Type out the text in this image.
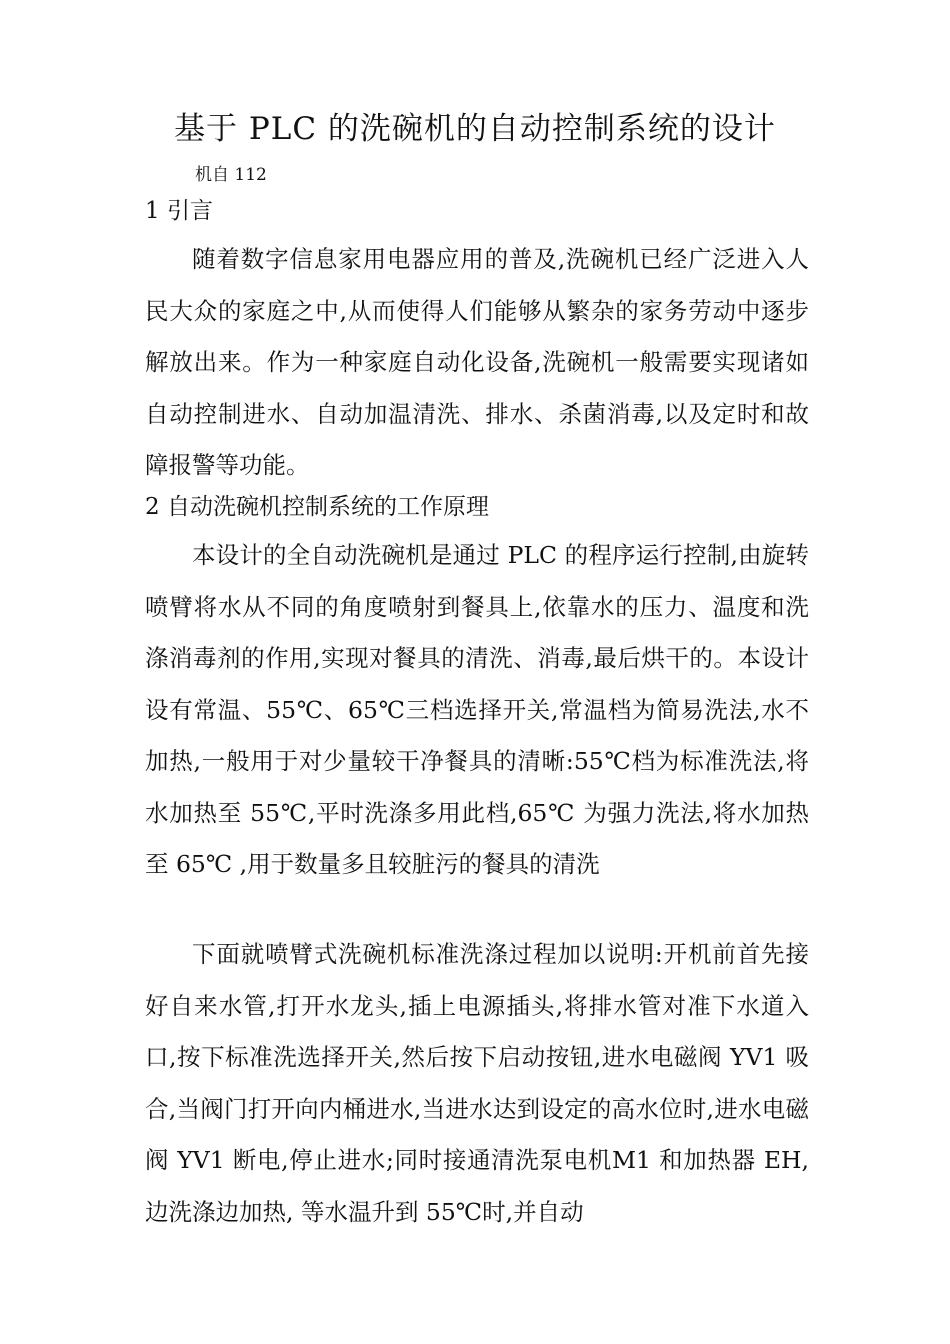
基于 PLC 的洗碗机的自动控制系统的设计
机自 112
1 引言

随着数字信息家用电器应用的普及,洗碗机已经广泛进入人民大众的家庭之中,从而使得人们能够从繁杂的家务劳动中逐步解放出来。作为一种家庭自动化设备,洗碗机一般需要实现诸如自动控制进水、自动加温清洗、排水、杀菌消毒,以及定时和故障报警等功能。

2 自动洗碗机控制系统的工作原理

本设计的全自动洗碗机是通过 PLC 的程序运行控制,由旋转喷臂将水从不同的角度喷射到餐具上,依靠水的压力、温度和洗涤消毒剂的作用,实现对餐具的清洗、消毒,最后烘干的。本设计设有常温、55℃、65℃三档选择开关,常温档为简易洗法,水不加热,一般用于对少量较干净餐具的清晰:55℃档为标准洗法,将水加热至 55℃,平时洗涤多用此档,65℃ 为强力洗法,将水加热至 65℃ ,用于数量多且较脏污的餐具的清洗

下面就喷臂式洗碗机标准洗涤过程加以说明:开机前首先接好自来水管,打开水龙头,插上电源插头,将排水管对准下水道入口,按下标准洗选择开关,然后按下启动按钮,进水电磁阀 YV1 吸合,当阀门打开向内桶进水,当进水达到设定的高水位时,进水电磁阀 YV1 断电,停止进水;同时接通清洗泵电机M1 和加热器 EH,边洗涤边加热, 等水温升到 55℃时,并自动
